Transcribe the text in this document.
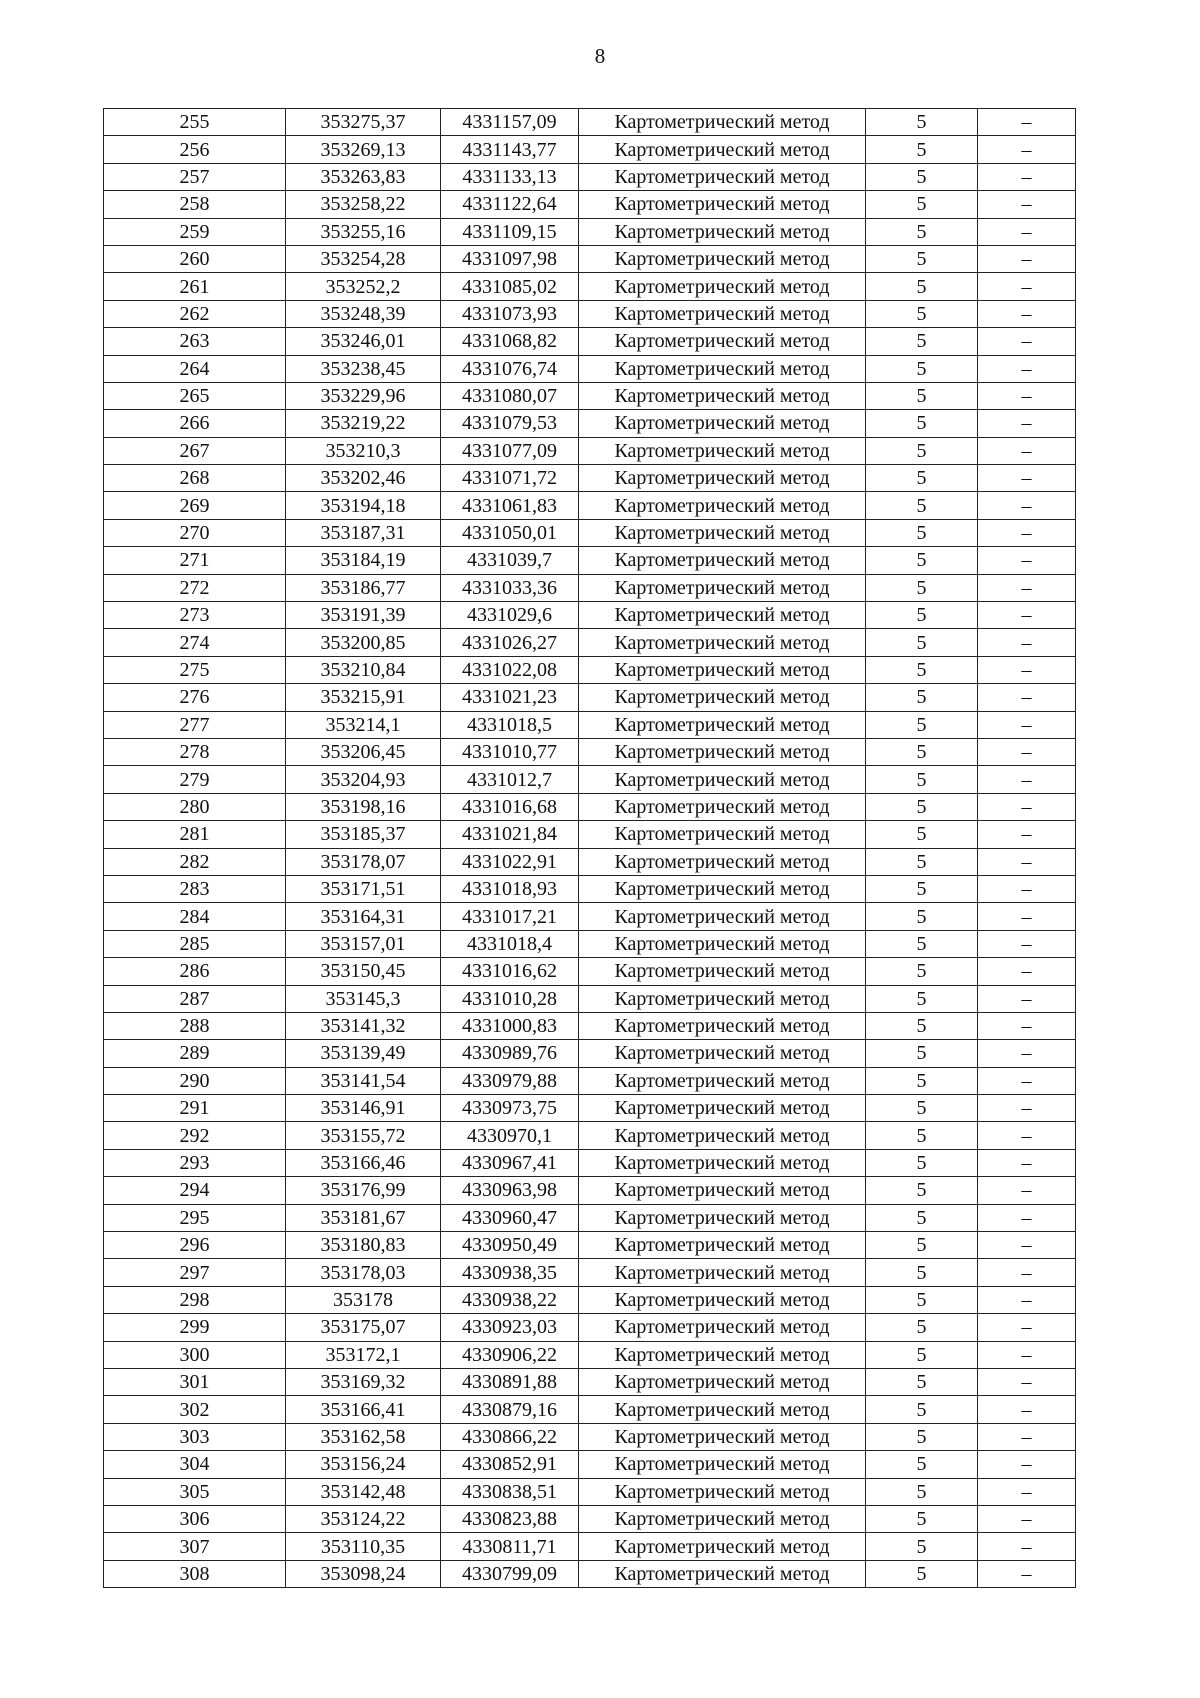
8
255	353275,37	4331157,09	Картометрический метод	5	–
256	353269,13	4331143,77	Картометрический метод	5	–
257	353263,83	4331133,13	Картометрический метод	5	–
258	353258,22	4331122,64	Картометрический метод	5	–
259	353255,16	4331109,15	Картометрический метод	5	–
260	353254,28	4331097,98	Картометрический метод	5	–
261	353252,2	4331085,02	Картометрический метод	5	–
262	353248,39	4331073,93	Картометрический метод	5	–
263	353246,01	4331068,82	Картометрический метод	5	–
264	353238,45	4331076,74	Картометрический метод	5	–
265	353229,96	4331080,07	Картометрический метод	5	–
266	353219,22	4331079,53	Картометрический метод	5	–
267	353210,3	4331077,09	Картометрический метод	5	–
268	353202,46	4331071,72	Картометрический метод	5	–
269	353194,18	4331061,83	Картометрический метод	5	–
270	353187,31	4331050,01	Картометрический метод	5	–
271	353184,19	4331039,7	Картометрический метод	5	–
272	353186,77	4331033,36	Картометрический метод	5	–
273	353191,39	4331029,6	Картометрический метод	5	–
274	353200,85	4331026,27	Картометрический метод	5	–
275	353210,84	4331022,08	Картометрический метод	5	–
276	353215,91	4331021,23	Картометрический метод	5	–
277	353214,1	4331018,5	Картометрический метод	5	–
278	353206,45	4331010,77	Картометрический метод	5	–
279	353204,93	4331012,7	Картометрический метод	5	–
280	353198,16	4331016,68	Картометрический метод	5	–
281	353185,37	4331021,84	Картометрический метод	5	–
282	353178,07	4331022,91	Картометрический метод	5	–
283	353171,51	4331018,93	Картометрический метод	5	–
284	353164,31	4331017,21	Картометрический метод	5	–
285	353157,01	4331018,4	Картометрический метод	5	–
286	353150,45	4331016,62	Картометрический метод	5	–
287	353145,3	4331010,28	Картометрический метод	5	–
288	353141,32	4331000,83	Картометрический метод	5	–
289	353139,49	4330989,76	Картометрический метод	5	–
290	353141,54	4330979,88	Картометрический метод	5	–
291	353146,91	4330973,75	Картометрический метод	5	–
292	353155,72	4330970,1	Картометрический метод	5	–
293	353166,46	4330967,41	Картометрический метод	5	–
294	353176,99	4330963,98	Картометрический метод	5	–
295	353181,67	4330960,47	Картометрический метод	5	–
296	353180,83	4330950,49	Картометрический метод	5	–
297	353178,03	4330938,35	Картометрический метод	5	–
298	353178	4330938,22	Картометрический метод	5	–
299	353175,07	4330923,03	Картометрический метод	5	–
300	353172,1	4330906,22	Картометрический метод	5	–
301	353169,32	4330891,88	Картометрический метод	5	–
302	353166,41	4330879,16	Картометрический метод	5	–
303	353162,58	4330866,22	Картометрический метод	5	–
304	353156,24	4330852,91	Картометрический метод	5	–
305	353142,48	4330838,51	Картометрический метод	5	–
306	353124,22	4330823,88	Картометрический метод	5	–
307	353110,35	4330811,71	Картометрический метод	5	–
308	353098,24	4330799,09	Картометрический метод	5	–
